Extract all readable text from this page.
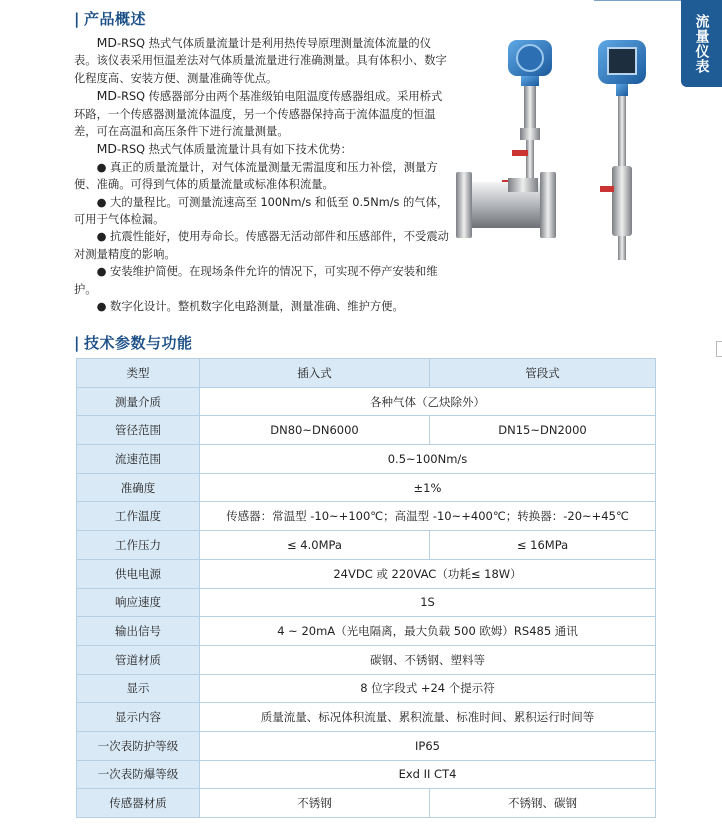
流量仪表
| 产品概述

MD-RSQ 热式气体质量流量计是利用热传导原理测量流体流量的仪表。该仪表采用恒温差法对气体质量流量进行准确测量。具有体积小、数字化程度高、安装方便、测量准确等优点。

MD-RSQ 传感器部分由两个基准级铂电阻温度传感器组成。采用桥式环路，一个传感器测量流体温度，另一个传感器保持高于流体温度的恒温差，可在高温和高压条件下进行流量测量。

MD-RSQ 热式气体质量流量计具有如下技术优势：

● 真正的质量流量计，对气体流量测量无需温度和压力补偿，测量方便、准确。可得到气体的质量流量或标准体积流量。

● 大的量程比。可测量流速高至 100Nm/s 和低至 0.5Nm/s 的气体，可用于气体检漏。

● 抗震性能好，使用寿命长。传感器无活动部件和压感部件，不受震动对测量精度的影响。

● 安装维护简便。在现场条件允许的情况下，可实现不停产安装和维护。

● 数字化设计。整机数字化电路测量，测量准确、维护方便。

| 技术参数与功能
类型	插入式	管段式
测量介质	各种气体（乙炔除外）	
管径范围	DN80~DN6000	DN15~DN2000
流速范围	0.5~100Nm/s	
准确度	±1%	
工作温度	传感器：常温型 -10~+100℃；高温型 -10~+400℃；转换器：-20~+45℃	
工作压力	≤ 4.0MPa	≤ 16MPa
供电电源	24VDC 或 220VAC（功耗≤ 18W）	
响应速度	1S	
输出信号	4 ~ 20mA（光电隔离，最大负载 500 欧姆）RS485 通讯	
管道材质	碳钢、不锈钢、塑料等	
显示	8 位字段式 +24 个提示符	
显示内容	质量流量、标况体积流量、累积流量、标准时间、累积运行时间等	
一次表防护等级	IP65	
一次表防爆等级	Exd II CT4	
传感器材质	不锈钢	不锈钢、碳钢
